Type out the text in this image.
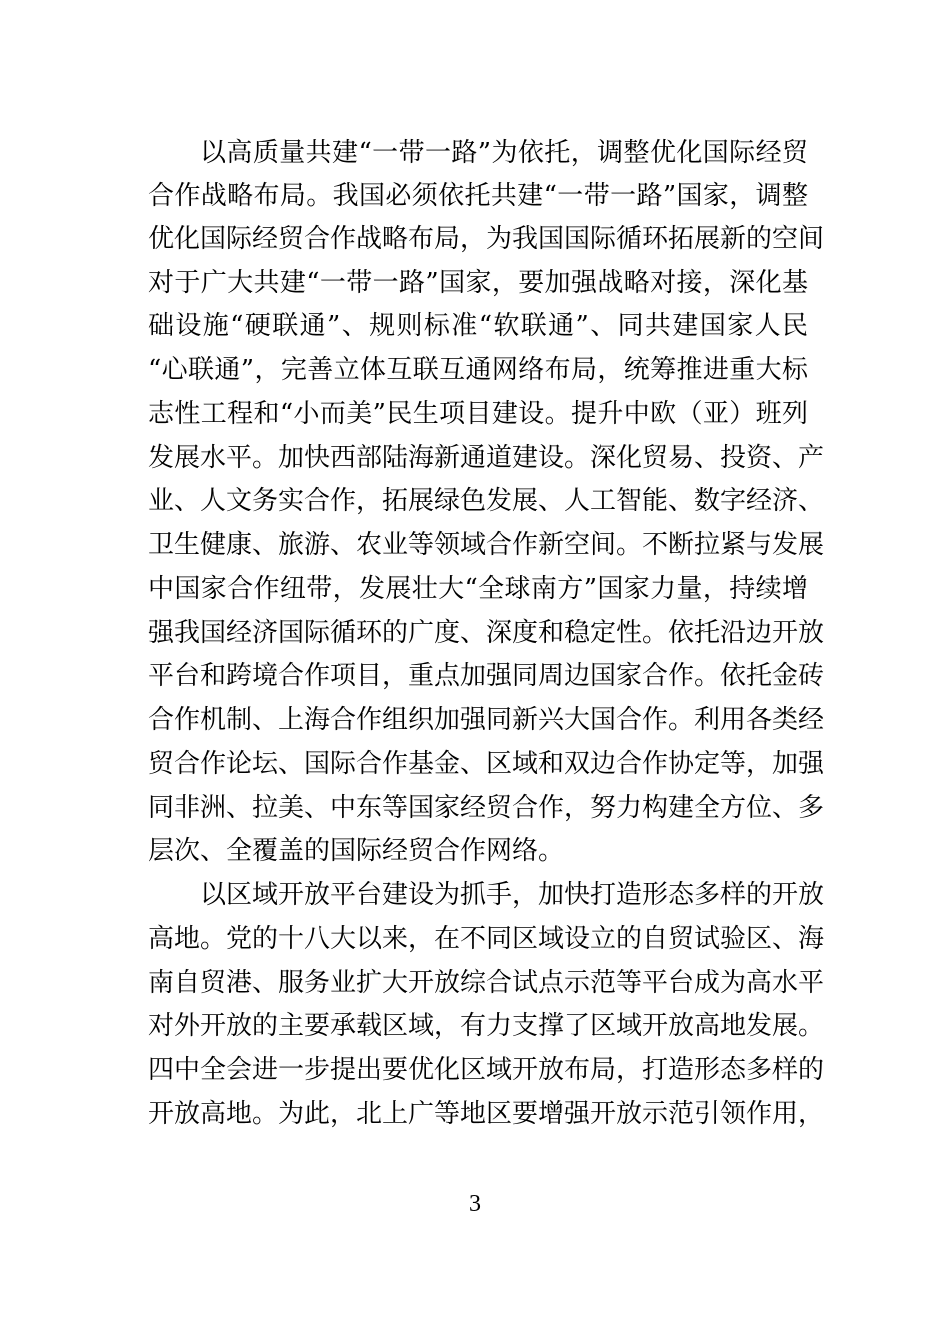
以高质量共建“一带一路”为依托，调整优化国际经贸
合作战略布局。我国必须依托共建“一带一路”国家，调整
优化国际经贸合作战略布局，为我国国际循环拓展新的空间
对于广大共建“一带一路”国家，要加强战略对接，深化基
础设施“硬联通”、规则标准“软联通”、同共建国家人民
“心联通”，完善立体互联互通网络布局，统筹推进重大标
志性工程和“小而美”民生项目建设。提升中欧（亚）班列
发展水平。加快西部陆海新通道建设。深化贸易、投资、产
业、人文务实合作，拓展绿色发展、人工智能、数字经济、
卫生健康、旅游、农业等领域合作新空间。不断拉紧与发展
中国家合作纽带，发展壮大“全球南方”国家力量，持续增
强我国经济国际循环的广度、深度和稳定性。依托沿边开放
平台和跨境合作项目，重点加强同周边国家合作。依托金砖
合作机制、上海合作组织加强同新兴大国合作。利用各类经
贸合作论坛、国际合作基金、区域和双边合作协定等，加强
同非洲、拉美、中东等国家经贸合作，努力构建全方位、多
层次、全覆盖的国际经贸合作网络。
以区域开放平台建设为抓手，加快打造形态多样的开放
高地。党的十八大以来，在不同区域设立的自贸试验区、海
南自贸港、服务业扩大开放综合试点示范等平台成为高水平
对外开放的主要承载区域，有力支撑了区域开放高地发展。
四中全会进一步提出要优化区域开放布局，打造形态多样的
开放高地。为此，北上广等地区要增强开放示范引领作用，
3
